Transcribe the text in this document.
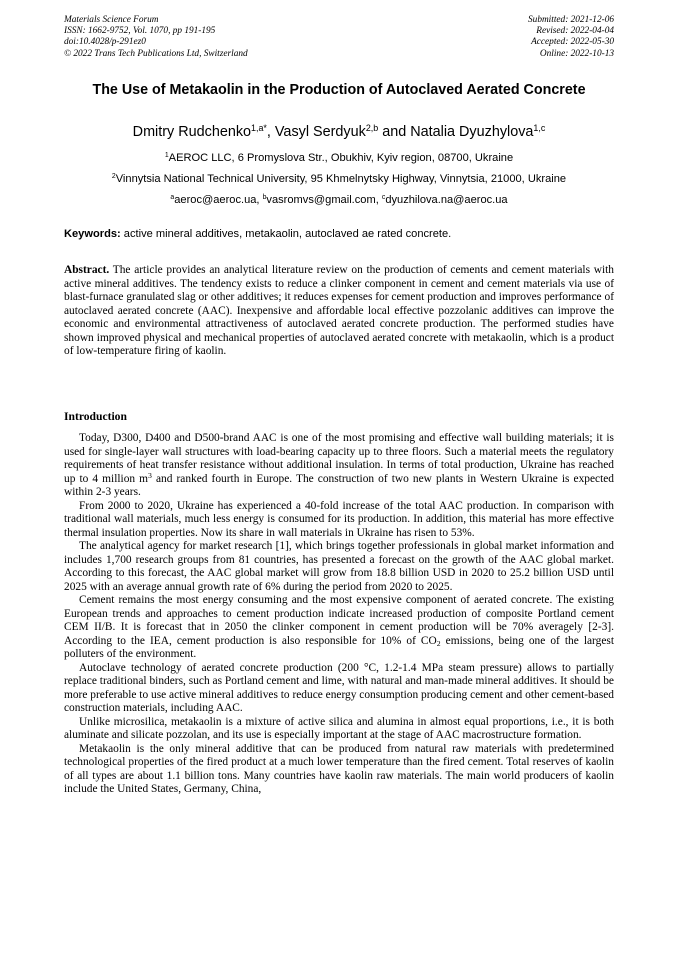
Materials Science Forum
ISSN: 1662-9752, Vol. 1070, pp 191-195
doi:10.4028/p-291ez0
© 2022 Trans Tech Publications Ltd, Switzerland
Submitted: 2021-12-06
Revised: 2022-04-04
Accepted: 2022-05-30
Online: 2022-10-13
The Use of Metakaolin in the Production of Autoclaved Aerated Concrete
Dmitry Rudchenko$^{1,a*}$, Vasyl Serdyuk$^{2,b}$ and Natalia Dyuzhylova$^{1,c}$
$^1$AEROC LLC, 6 Promyslova Str., Obukhiv, Kyiv region, 08700, Ukraine
$^2$Vinnytsia National Technical University, 95 Khmelnytsky Highway, Vinnytsia, 21000, Ukraine
$^a$aeroc@aeroc.ua, $^b$vasromvs@gmail.com, $^c$dyuzhilova.na@aeroc.ua
Keywords: active mineral additives, metakaolin, autoclaved ae rated concrete.
Abstract. The article provides an analytical literature review on the production of cements and cement materials with active mineral additives. The tendency exists to reduce a clinker component in cement and cement materials via use of blast-furnace granulated slag or other additives; it reduces expenses for cement production and improves performance of autoclaved aerated concrete (AAC). Inexpensive and affordable local effective pozzolanic additives can improve the economic and environmental attractiveness of autoclaved aerated concrete production. The performed studies have shown improved physical and mechanical properties of autoclaved aerated concrete with metakaolin, which is a product of low-temperature firing of kaolin.
Introduction

Today, D300, D400 and D500-brand AAC is one of the most promising and effective wall building materials; it is used for single-layer wall structures with load-bearing capacity up to three floors. Such a material meets the regulatory requirements of heat transfer resistance without additional insulation. In terms of total production, Ukraine has reached up to 4 million $m^3$ and ranked fourth in Europe. The construction of two new plants in Western Ukraine is expected within 2-3 years.

From 2000 to 2020, Ukraine has experienced a 40-fold increase of the total AAC production. In comparison with traditional wall materials, much less energy is consumed for its production. In addition, this material has more effective thermal insulation properties. Now its share in wall materials in Ukraine has risen to 53%.

The analytical agency for market research [1], which brings together professionals in global market information and includes 1,700 research groups from 81 countries, has presented a forecast on the growth of the AAC global market. According to this forecast, the AAC global market will grow from 18.8 billion USD in 2020 to 25.2 billion USD until 2025 with an average annual growth rate of 6% during the period from 2020 to 2025.

Cement remains the most energy consuming and the most expensive component of aerated concrete. The existing European trends and approaches to cement production indicate increased production of composite Portland cement CEM II/B. It is forecast that in 2050 the clinker component in cement production will be 70% averagely [2-3]. According to the IEA, cement production is also responsible for 10% of $CO_2$ emissions, being one of the largest polluters of the environment.

Autoclave technology of aerated concrete production (200 °C, 1.2-1.4 MPa steam pressure) allows to partially replace traditional binders, such as Portland cement and lime, with natural and man-made mineral additives. It should be more preferable to use active mineral additives to reduce energy consumption producing cement and other cement-based construction materials, including AAC.

Unlike microsilica, metakaolin is a mixture of active silica and alumina in almost equal proportions, i.e., it is both aluminate and silicate pozzolan, and its use is especially important at the stage of AAC macrostructure formation.

Metakaolin is the only mineral additive that can be produced from natural raw materials with predetermined technological properties of the fired product at a much lower temperature than the fired cement. Total reserves of kaolin of all types are about 1.1 billion tons. Many countries have kaolin raw materials. The main world producers of kaolin include the United States, Germany, China,
